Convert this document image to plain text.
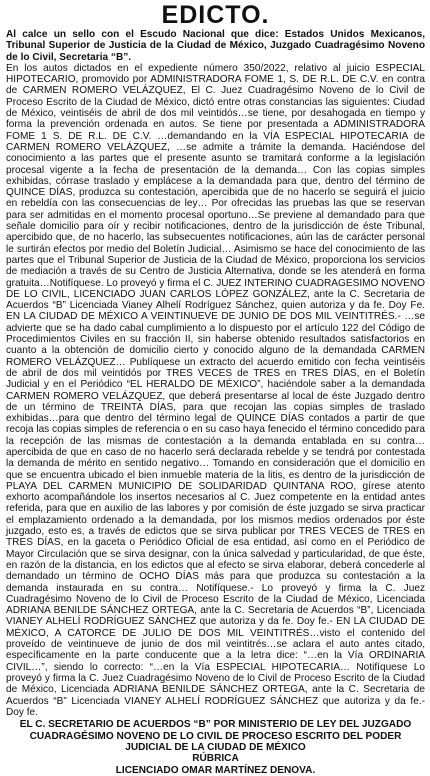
EDICTO.

Al calce un sello con el Escudo Nacional que dice: Estados Unidos Mexicanos, Tribunal Superior de Justicia de la Ciudad de México, Juzgado Cuadragésimo Noveno de lo Civil, Secretaria “B”.

En los autos dictados en el expediente número 350/2022, relativo al juicio ESPECIAL HIPOTECARIO, promovido por ADMINISTRADORA FOME 1, S. DE R.L. DE C.V. en contra de CARMEN ROMERO VELÁZQUEZ, El C. Juez Cuadragésimo Noveno de lo Civil de Proceso Escrito de la Ciudad de México, dictó entre otras constancias las siguientes: Ciudad de México, veintiséis de abril de dos mil veintidós…se tiene, por desahogada en tiempo y forma la prevención ordenada en autos. Se tiene por presentada a ADMINISTRADORA FOME 1 S. DE R.L. DE C.V. …demandando en la VÍA ESPECIAL HIPOTECARIA de CARMEN ROMERO VELÁZQUEZ, …se admite a trámite la demanda. Haciéndose del conocimiento a las partes que el presente asunto se tramitará conforme a la legislación procesal vigente a la fecha de presentación de la demanda… Con las copias simples exhibidas, córrase traslado y emplácese a la demandada para que, dentro del término de QUINCE DÍAS, produzca su contestación, apercibida que de no hacerlo se seguirá el juicio en rebeldía con las consecuencias de ley… Por ofrecidas las pruebas las que se reservan para ser admitidas en el momento procesal oportuno…Se previene al demandado para que señale domicilio para oír y recibir notificaciones, dentro de la jurisdicción de éste Tribunal, apercibido que, de no hacerlo, las subsecuentes notificaciones, aún las de carácter personal le surtirán efectos por medio del Boletín Judicial… Asimismo se hace del conocimiento de las partes que el Tribunal Superior de Justicia de la Ciudad de México, proporciona los servicios de mediación a través de su Centro de Justicia Alternativa, donde se les atenderá en forma gratuita…Notifíquese. Lo proveyó y firma el C. JUEZ INTERINO CUADRAGESIMO NOVENO DE LO CIVIL, LICENCIADO JUAN CARLOS LÓPEZ GONZÁLEZ, ante la C. Secretaria de Acuerdos “B” Licenciada Vianey Alhelí Rodríguez Sánchez, quien autoriza y da fe. Doy Fe. EN LA CIUDAD DE MÉXICO A VEINTINUEVE DE JUNIO DE DOS MIL VEINTITRÉS.- …se advierte que se ha dado cabal cumplimiento a lo dispuesto por el artículo 122 del Código de Procedimientos Civiles en su fracción II, sin haberse obtenido resultados satisfactorios en cuanto a la obtención de domicilio cierto y conocido alguno de la demandada CARMEN ROMERO VELÁZQUEZ… Publíquese un extracto del acuerdo emitido con fecha veintiséis de abril de dos mil veintidós por TRES VECES de TRES en TRES DÍAS, en el Boletín Judicial y en el Periódico “EL HERALDO DE MÉXICO”, haciéndole saber a la demandada CARMEN ROMERO VELÁZQUEZ, que deberá presentarse al local de éste Juzgado dentro de un término de TREINTA DÍAS, para que recojan las copias simples de traslado exhibidas…para que dentro del término legal de QUINCE DÍAS contados a partir de que recoja las copias simples de referencia o en su caso haya fenecido el término concedido para la recepción de las mismas de contestación a la demanda entablada en su contra…apercibida de que en caso de no hacerlo será declarada rebelde y se tendrá por contestada la demanda de mérito en sentido negativo… Tomando en consideración que el domicilio en que se encuentra ubicado el bien inmueble materia de la litis, es dentro de la jurisdicción de PLAYA DEL CARMEN MUNICIPIO DE SOLIDARIDAD QUINTANA ROO, gírese atento exhorto acompañándole los insertos necesarios al C. Juez competente en la entidad antes referida, para que en auxilio de las labores y por comisión de éste juzgado se sirva practicar el emplazamiento ordenado a la demandada, por los mismos medios ordenados por éste juzgado, esto es, a través de edictos que se sirva publicar por TRES VECES de TRES en TRES DÍAS, en la gaceta o Periódico Oficial de esa entidad, así como en el Periódico de Mayor Circulación que se sirva designar, con la única salvedad y particularidad, de que éste, en razón de la distancia, en los edictos que al efecto se sirva elaborar, deberá concederle al demandado un término de OCHO DÍAS más para que produzca su contestación a la demanda instaurada en su contra… Notifíquese.- Lo proveyó y firma la C. Juez Cuadragésimo Noveno de lo Civil de Proceso Escrito de la Ciudad de México, Licenciada ADRIANA BENILDE SÁNCHEZ ORTEGA, ante la C. Secretaria de Acuerdos “B”, Licenciada VIANEY ALHELÍ RODRÍGUEZ SÁNCHEZ que autoriza y da fe. Doy fe.- EN LA CIUDAD DE MÉXICO, A CATORCE DE JULIO DE DOS MIL VEINTITRÉS…visto el contenido del proveído de veintinueve de junio de dos mil veintitrés…se aclara el auto antes citado, específicamente en la parte conducente que a la letra dice: “…en la Vía ORDINARIA CIVIL…”, siendo lo correcto: “…en la Vía ESPECIAL HIPOTECARIA… Notifíquese Lo proveyó y firma la C. Juez Cuadragésimo Noveno de lo Civil de Proceso Escrito de la Ciudad de México, Licenciada ADRIANA BENILDE SÁNCHEZ ORTEGA, ante la C. Secretaria de Acuerdos “B” Licenciada VIANEY ALHELÍ RODRÍGUEZ SÁNCHEZ que autoriza y da fe.- Doy fe.

EL C. SECRETARIO DE ACUERDOS “B” POR MINISTERIO DE LEY DEL JUZGADO CUADRAGÉSIMO NOVENO DE LO CIVIL DE PROCESO ESCRITO DEL PODER JUDICIAL DE LA CIUDAD DE MÉXICO
RÚBRICA
LICENCIADO OMAR MARTÍNEZ DENOVA.
